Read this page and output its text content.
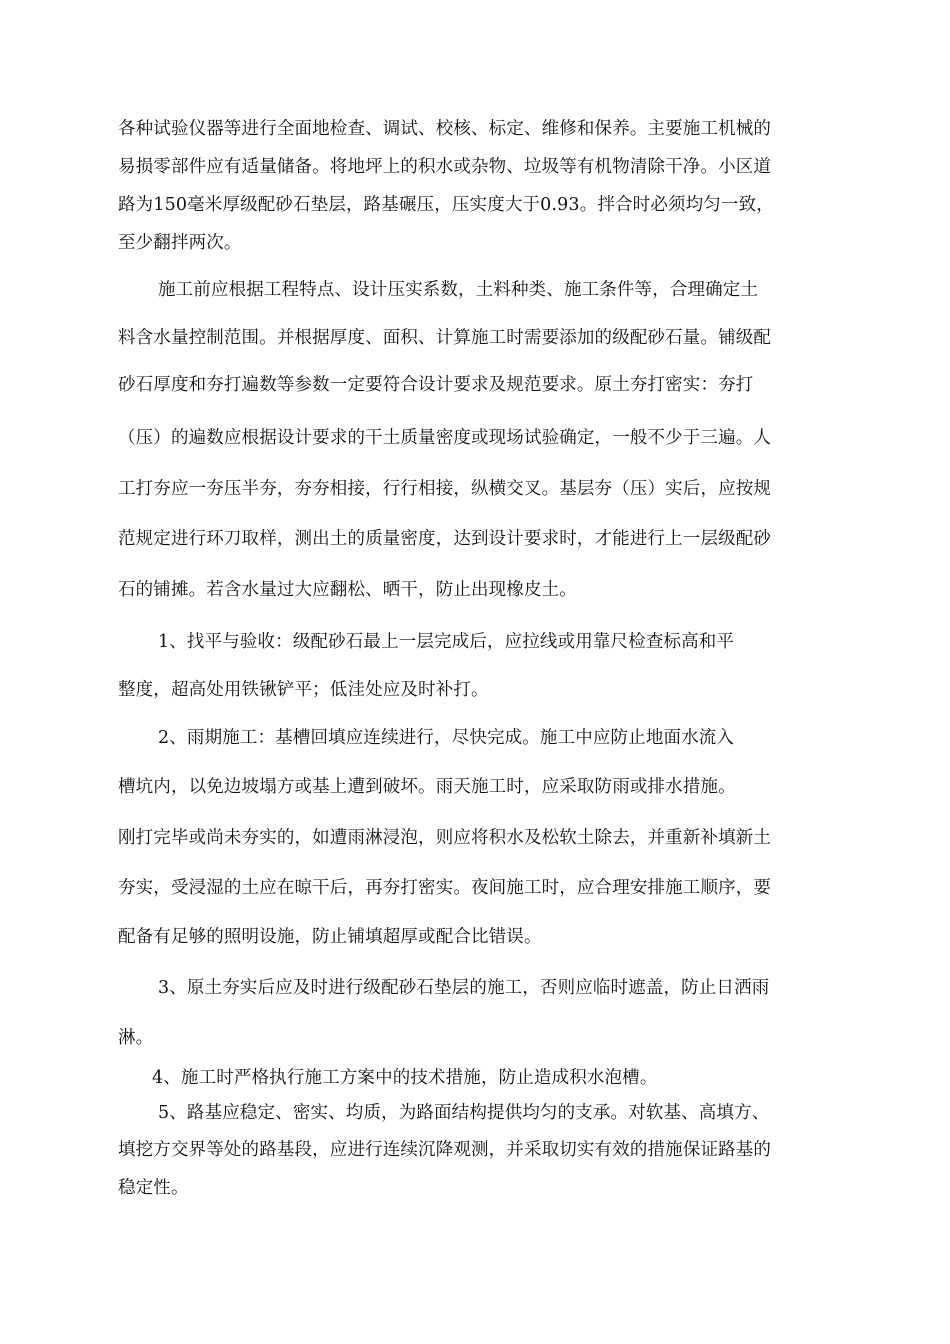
各种试验仪器等进行全面地检查、调试、校核、标定、维修和保养。主要施工机械的
易损零部件应有适量储备。将地坪上的积水或杂物、垃圾等有机物清除干净。小区道
路为150毫米厚级配砂石垫层，路基碾压，压实度大于0.93。拌合时必须均匀一致，
至少翻拌两次。
施工前应根据工程特点、设计压实系数，土料种类、施工条件等，合理确定土
料含水量控制范围。并根据厚度、面积、计算施工时需要添加的级配砂石量。铺级配
砂石厚度和夯打遍数等参数一定要符合设计要求及规范要求。原土夯打密实：夯打
（压）的遍数应根据设计要求的干土质量密度或现场试验确定，一般不少于三遍。人
工打夯应一夯压半夯，夯夯相接，行行相接，纵横交叉。基层夯（压）实后，应按规
范规定进行环刀取样，测出土的质量密度，达到设计要求时，才能进行上一层级配砂
石的铺摊。若含水量过大应翻松、晒干，防止出现橡皮土。
1、找平与验收：级配砂石最上一层完成后，应拉线或用靠尺检查标高和平
整度，超高处用铁锹铲平；低洼处应及时补打。
2、雨期施工：基槽回填应连续进行，尽快完成。施工中应防止地面水流入
槽坑内，以免边坡塌方或基上遭到破坏。雨天施工时，应采取防雨或排水措施。
刚打完毕或尚未夯实的，如遭雨淋浸泡，则应将积水及松软土除去，并重新补填新土
夯实，受浸湿的土应在晾干后，再夯打密实。夜间施工时，应合理安排施工顺序，要
配备有足够的照明设施，防止铺填超厚或配合比错误。
3、原土夯实后应及时进行级配砂石垫层的施工，否则应临时遮盖，防止日洒雨
淋。
4、施工时严格执行施工方案中的技术措施，防止造成积水泡槽。
5、路基应稳定、密实、均质，为路面结构提供均匀的支承。对软基、高填方、
填挖方交界等处的路基段，应进行连续沉降观测，并采取切实有效的措施保证路基的
稳定性。
